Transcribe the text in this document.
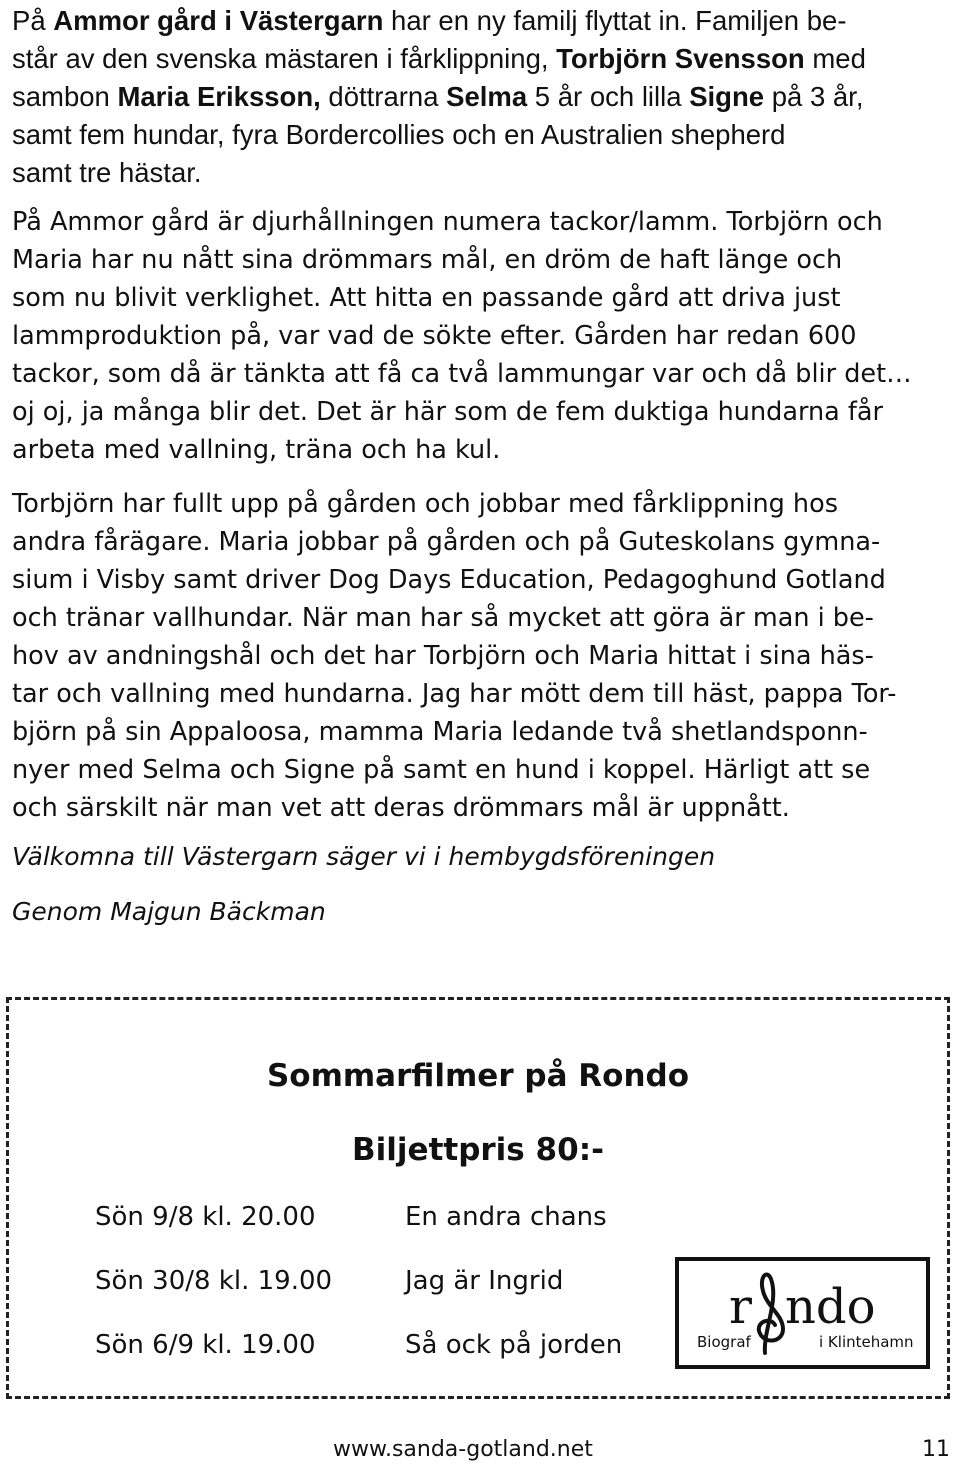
På Ammor gård i Västergarn har en ny familj flyttat in. Familjen be-
står av den svenska mästaren i fårklippning, Torbjörn Svensson med
sambon Maria Eriksson, döttrarna Selma 5 år och lilla Signe på 3 år,
samt fem hundar, fyra Bordercollies och en Australien shepherd
samt tre hästar.
På Ammor gård är djurhållningen numera tackor/lamm. Torbjörn och
Maria har nu nått sina drömmars mål, en dröm de haft länge och
som nu blivit verklighet. Att hitta en passande gård att driva just
lammproduktion på, var vad de sökte efter. Gården har redan 600
tackor, som då är tänkta att få ca två lammungar var och då blir det…
oj oj, ja många blir det. Det är här som de fem duktiga hundarna får
arbeta med vallning, träna och ha kul.
Torbjörn har fullt upp på gården och jobbar med fårklippning hos
andra fårägare. Maria jobbar på gården och på Guteskolans gymna-
sium i Visby samt driver Dog Days Education, Pedagoghund Gotland
och tränar vallhundar. När man har så mycket att göra är man i be-
hov av andningshål och det har Torbjörn och Maria hittat i sina häs-
tar och vallning med hundarna. Jag har mött dem till häst, pappa Tor-
björn på sin Appaloosa, mamma Maria ledande två shetlandsponn-
nyer med Selma och Signe på samt en hund i koppel. Härligt att se
och särskilt när man vet att deras drömmars mål är uppnått.
Välkomna till Västergarn säger vi i hembygdsföreningen
Genom Majgun Bäckman
Sommarfilmer på Rondo
Biljettpris 80:-
Sön 9/8 kl. 20.00	En andra chans
Sön 30/8 kl. 19.00	Jag är Ingrid
Sön 6/9 kl. 19.00	Så ock på jorden
r ndo
Biograf	i Klintehamn
www.sanda-gotland.net	11
